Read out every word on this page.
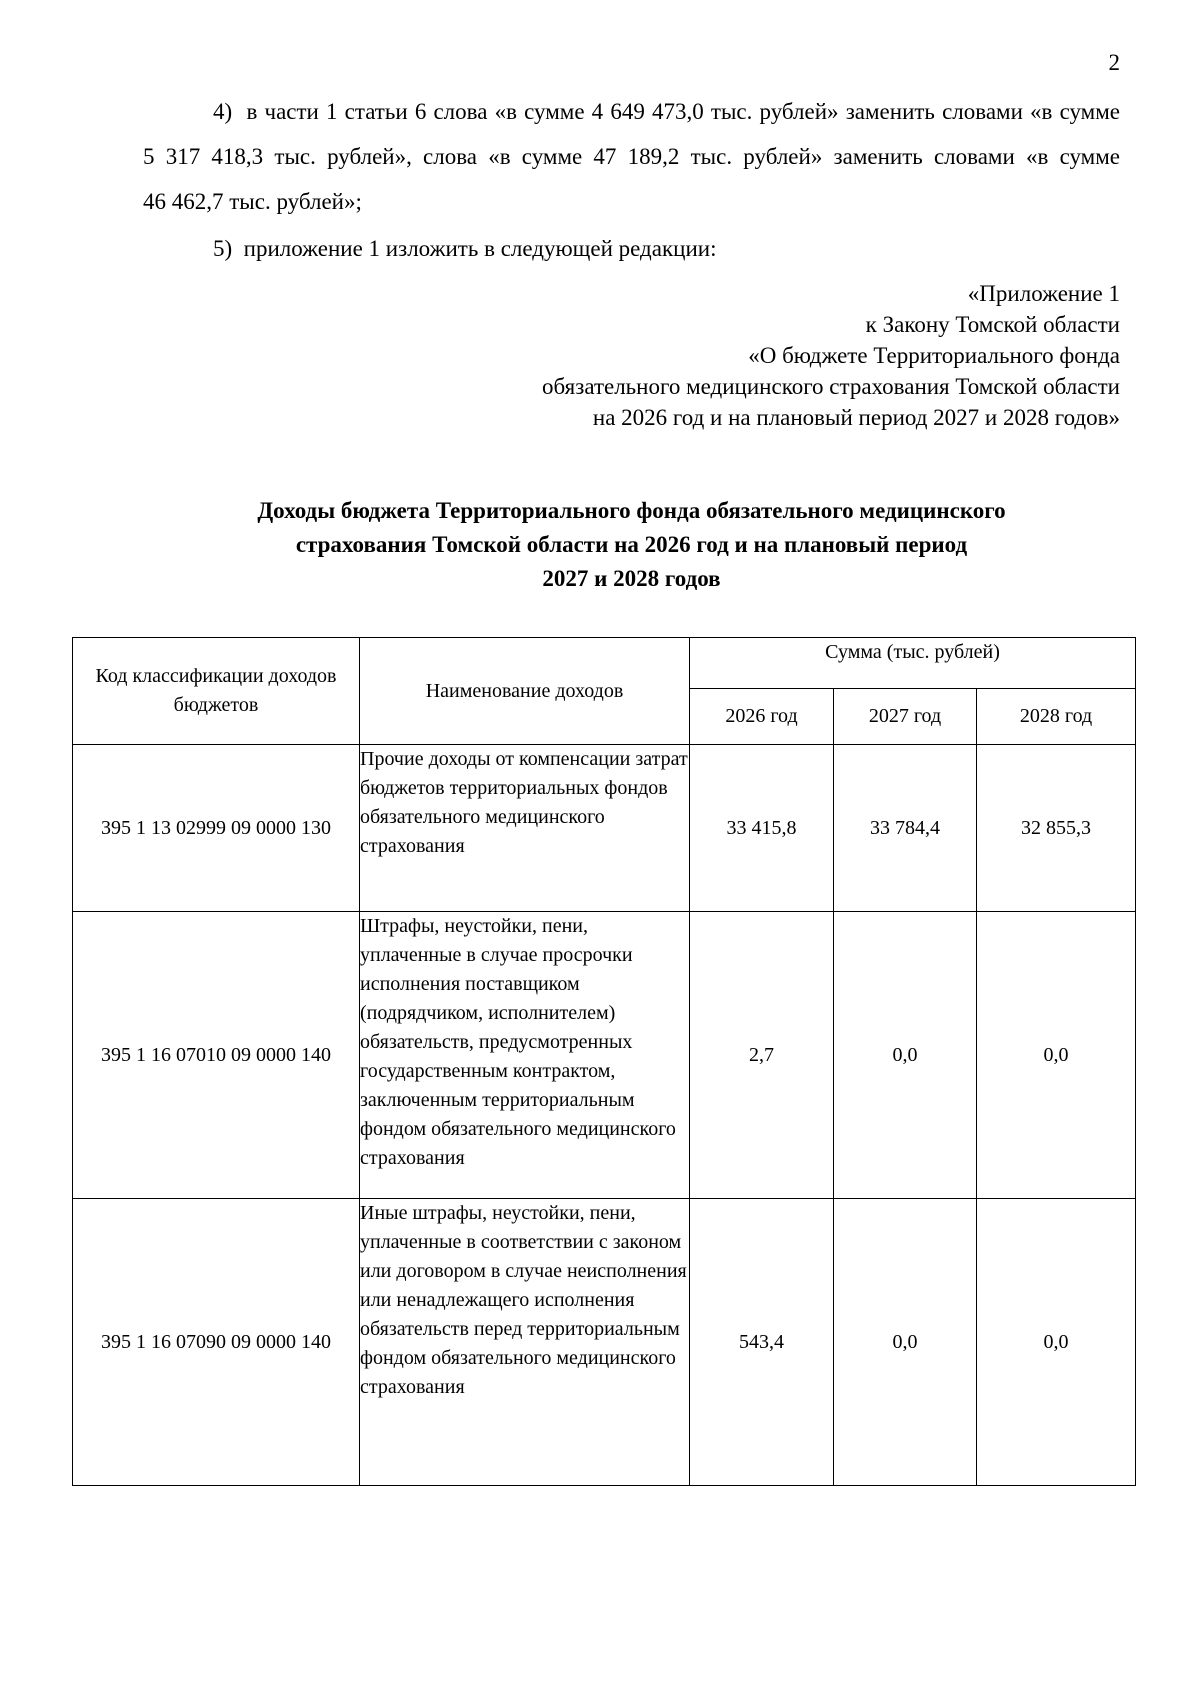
2
4)  в части 1 статьи 6 слова «в сумме 4 649 473,0 тыс. рублей» заменить словами «в сумме 5 317 418,3 тыс. рублей», слова «в сумме 47 189,2 тыс. рублей» заменить словами «в сумме 46 462,7 тыс. рублей»;
5)  приложение 1 изложить в следующей редакции:
«Приложение 1
к Закону Томской области
«О бюджете Территориального фонда
обязательного медицинского страхования Томской области
на 2026 год и на плановый период 2027 и 2028 годов»
Доходы бюджета Территориального фонда обязательного медицинского
страхования Томской области на 2026 год и на плановый период
2027 и 2028 годов
Код классификации доходов бюджетов	Наименование доходов	Сумма (тыс. рублей)		
		2026 год	2027 год	2028 год
395 1 13 02999 09 0000 130	Прочие доходы от компенсации затрат бюджетов территориальных фондов обязательного медицинского страхования	33 415,8	33 784,4	32 855,3
395 1 16 07010 09 0000 140	Штрафы, неустойки, пени, уплаченные в случае просрочки исполнения поставщиком (подрядчиком, исполнителем) обязательств, предусмотренных государственным контрактом, заключенным территориальным фондом обязательного медицинского страхования	2,7	0,0	0,0
395 1 16 07090 09 0000 140	Иные штрафы, неустойки, пени, уплаченные в соответствии с законом или договором в случае неисполнения или ненадлежащего исполнения обязательств перед территориальным фондом обязательного медицинского страхования	543,4	0,0	0,0
